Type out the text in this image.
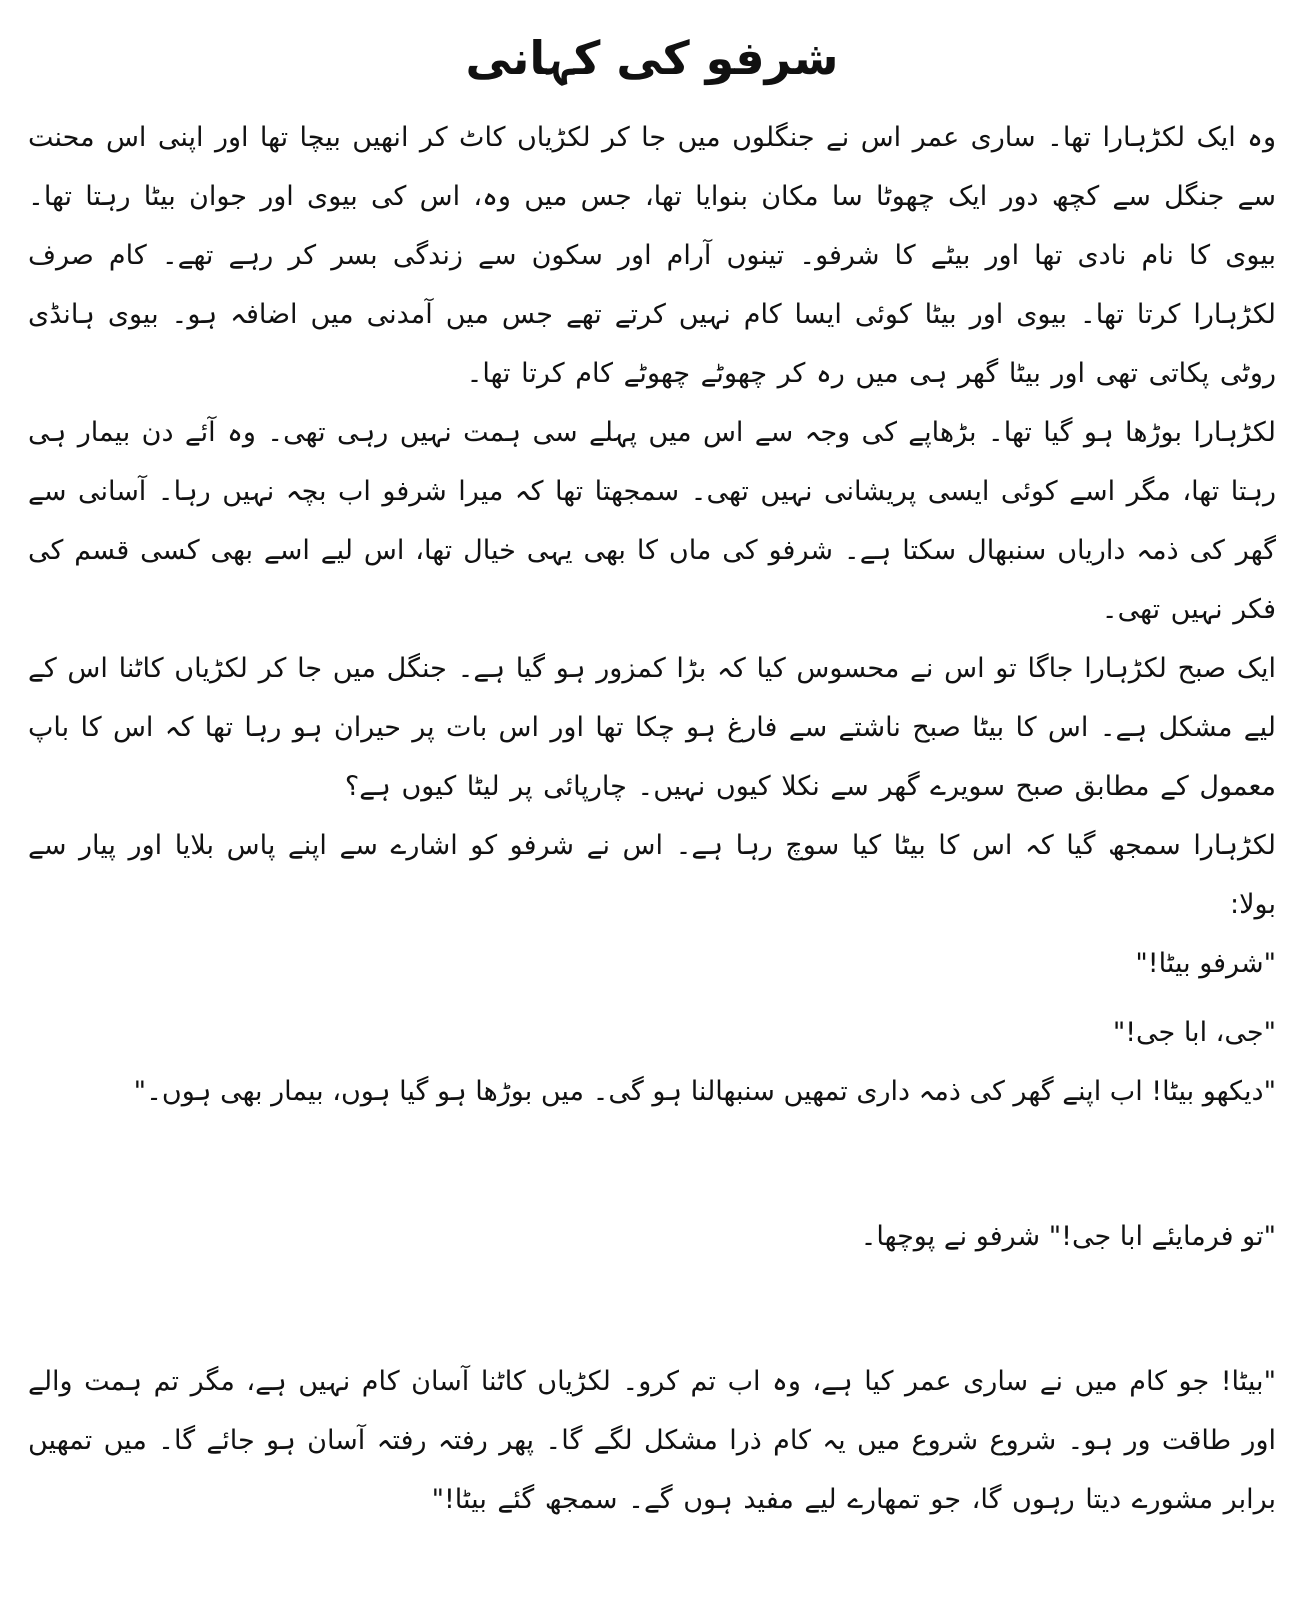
شرفو کی کہانی

وہ ایک لکڑہارا تھا۔ ساری عمر اس نے جنگلوں میں جا کر لکڑیاں کاٹ کر انھیں بیچا تھا اور اپنی اس محنت سے جنگل سے کچھ دور ایک چھوٹا سا مکان بنوایا تھا، جس میں وہ، اس کی بیوی اور جوان بیٹا رہتا تھا۔ بیوی کا نام نادی تھا اور بیٹے کا شرفو۔ تینوں آرام اور سکون سے زندگی بسر کر رہے تھے۔ کام صرف لکڑہارا کرتا تھا۔ بیوی اور بیٹا کوئی ایسا کام نہیں کرتے تھے جس میں آمدنی میں اضافہ ہو۔ بیوی ہانڈی روٹی پکاتی تھی اور بیٹا گھر ہی میں رہ کر چھوٹے چھوٹے کام کرتا تھا۔

لکڑہارا بوڑھا ہو گیا تھا۔ بڑھاپے کی وجہ سے اس میں پہلے سی ہمت نہیں رہی تھی۔ وہ آئے دن بیمار ہی رہتا تھا، مگر اسے کوئی ایسی پریشانی نہیں تھی۔ سمجھتا تھا کہ میرا شرفو اب بچہ نہیں رہا۔ آسانی سے گھر کی ذمہ داریاں سنبھال سکتا ہے۔ شرفو کی ماں کا بھی یہی خیال تھا، اس لیے اسے بھی کسی قسم کی فکر نہیں تھی۔

ایک صبح لکڑہارا جاگا تو اس نے محسوس کیا کہ بڑا کمزور ہو گیا ہے۔ جنگل میں جا کر لکڑیاں کاٹنا اس کے لیے مشکل ہے۔ اس کا بیٹا صبح ناشتے سے فارغ ہو چکا تھا اور اس بات پر حیران ہو رہا تھا کہ اس کا باپ معمول کے مطابق صبح سویرے گھر سے نکلا کیوں نہیں۔ چارپائی پر لیٹا کیوں ہے؟

لکڑہارا سمجھ گیا کہ اس کا بیٹا کیا سوچ رہا ہے۔ اس نے شرفو کو اشارے سے اپنے پاس بلایا اور پیار سے بولا:

"شرفو بیٹا!"

"جی، ابا جی!"

"دیکھو بیٹا! اب اپنے گھر کی ذمہ داری تمھیں سنبھالنا ہو گی۔ میں بوڑھا ہو گیا ہوں، بیمار بھی ہوں۔"

"تو فرمایئے ابا جی!" شرفو نے پوچھا۔

"بیٹا! جو کام میں نے ساری عمر کیا ہے، وہ اب تم کرو۔ لکڑیاں کاٹنا آسان کام نہیں ہے، مگر تم ہمت والے اور طاقت ور ہو۔ شروع شروع میں یہ کام ذرا مشکل لگے گا۔ پھر رفتہ رفتہ آسان ہو جائے گا۔ میں تمھیں برابر مشورے دیتا رہوں گا، جو تمھارے لیے مفید ہوں گے۔ سمجھ گئے بیٹا!"
